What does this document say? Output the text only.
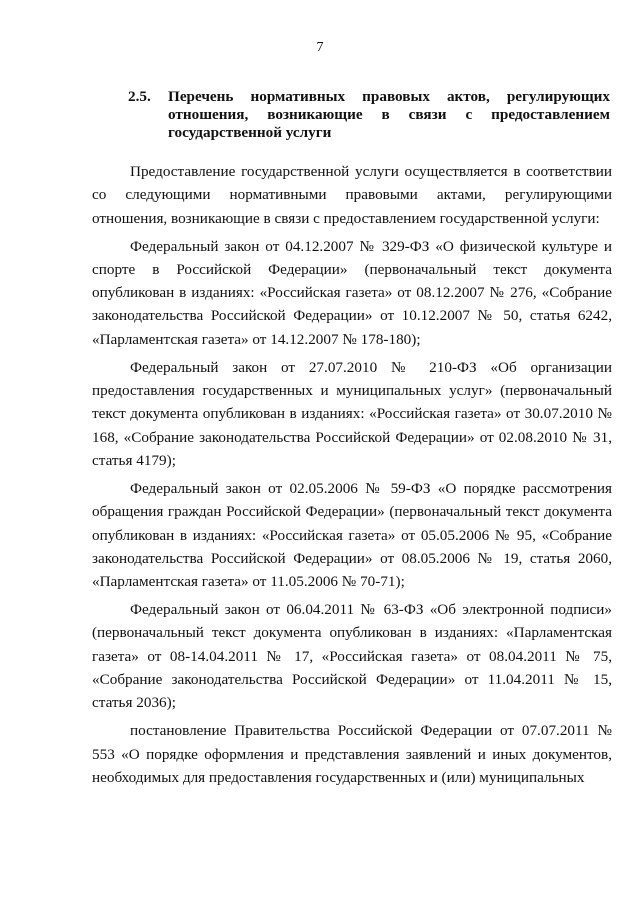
7
2.5. Перечень нормативных правовых актов, регулирующих отношения, возникающие в связи с предоставлением государственной услуги

Предоставление государственной услуги осуществляется в соответствии со следующими нормативными правовыми актами, регулирующими отношения, возникающие в связи с предоставлением государственной услуги:

Федеральный закон от 04.12.2007 № 329-ФЗ «О физической культуре и спорте в Российской Федерации» (первоначальный текст документа опубликован в изданиях: «Российская газета» от 08.12.2007 № 276, «Собрание законодательства Российской Федерации» от 10.12.2007 № 50, статья 6242, «Парламентская газета» от 14.12.2007 № 178-180);

Федеральный закон от 27.07.2010 № 210-ФЗ «Об организации предоставления государственных и муниципальных услуг» (первоначальный текст документа опубликован в изданиях: «Российская газета» от 30.07.2010 № 168, «Собрание законодательства Российской Федерации» от 02.08.2010 № 31, статья 4179);

Федеральный закон от 02.05.2006 № 59-ФЗ «О порядке рассмотрения обращения граждан Российской Федерации» (первоначальный текст документа опубликован в изданиях: «Российская газета» от 05.05.2006 № 95, «Собрание законодательства Российской Федерации» от 08.05.2006 № 19, статья 2060, «Парламентская газета» от 11.05.2006 № 70-71);

Федеральный закон от 06.04.2011 № 63-ФЗ «Об электронной подписи» (первоначальный текст документа опубликован в изданиях: «Парламентская газета» от 08-14.04.2011 № 17, «Российская газета» от 08.04.2011 № 75, «Собрание законодательства Российской Федерации» от 11.04.2011 № 15, статья 2036);

постановление Правительства Российской Федерации от 07.07.2011 № 553 «О порядке оформления и представления заявлений и иных документов, необходимых для предоставления государственных и (или) муниципальных
